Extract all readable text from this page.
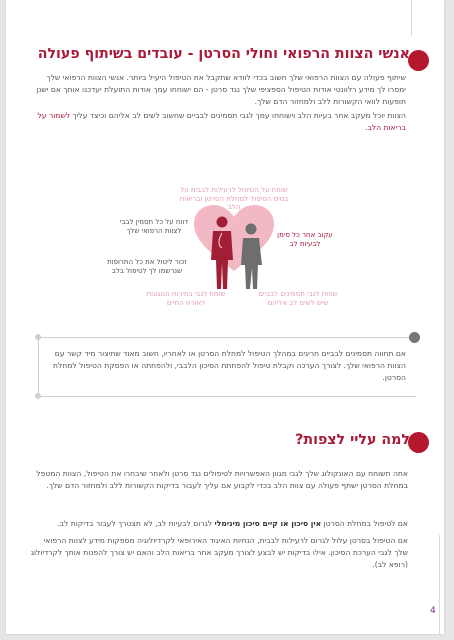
אנשי הצוות הרפואי וחולי הסרטן - עובדים בשיתוף פעולה
שיתוף פעולה עם הצוות הרפואי שלך חשוב בכדי לוודא שתקבל את הטיפול היעיל ביותר. אנשי הצוות הרפואי שלך ימסרו לך מידע רלוונטי אודות הטיפול הספציפי שלך נגד סרטן - הם ישוחחו עמך אודות התועלת יעדכנו אותך אם ישנן תופעות לוואי הקשורות ללב ולמחזור הדם שלך.
הצוות יוכל מעקב אחר בעיות הלב וישוחחו עמך לגבי תסמינים לבביים שחשוב לשים לב אליהם וכיצד עליך לשמור על בריאות הלב.
שוחח על הטיפול לרעילות לבבית על בסיס הטיפול למחלת הסרטן ובריאות הלב
דווח על כל תסמין לבבי לצוות הרפואי שלך
זכור ליטול את כל התרופות שנרשמו לך לטיפול בלב
עקוב אחר כל סימן לבעיות לב
שוחח לגבי בחירות הנוגעות לאורח החיים
שוחח לגבי תסמינים לבביים שיש לשים לב אליהם
אם תחווה תסמינים לבביים חריגים במהלך הטיפול למחלת הסרטן או לאחריו, חשוב מאוד שתיצור מיד קשר עם הצוות הרפואי שלך. לצורך הערכה וקבלת טיפול להפחתת הסיכון הלבבי, ולהפחתה או הפסקת הטיפול למחלת הסרטן.
למה עליי לצפות?
אתה תשוחח עם האונקולוג שלך לגבי מגוון האפשרויות לטיפולים נגד סרטן ולאחר שיבחרו את הטיפול, הצוות המטפל במחלת הסרטן ישתף פעולה עם צוות הלב בכדי לקבוע אם עליך לעבור בדיקות הקשורות ללב ולמחזור הדם שלך.
אם לטיפול במחלת הסרטן אין סיכון או קיים סיכון מינימלי לגרום לבעיות לב, לא תצטרך לעבור בדיקות לב.
אם הטיפול בסרטן עלול לגרום לרעילות לבבית, הנחיות האיגוד האירופאי לקרדיולוגיה מספקות מידע לצוות הרפואי שלך לגבי הערכת הסיכון. אילו בדיקות יש לבצע לצורך מעקב אחר בריאות הלב והאם יש צורך להפנות אותך לקרדיולוג (רופא לב).
4
